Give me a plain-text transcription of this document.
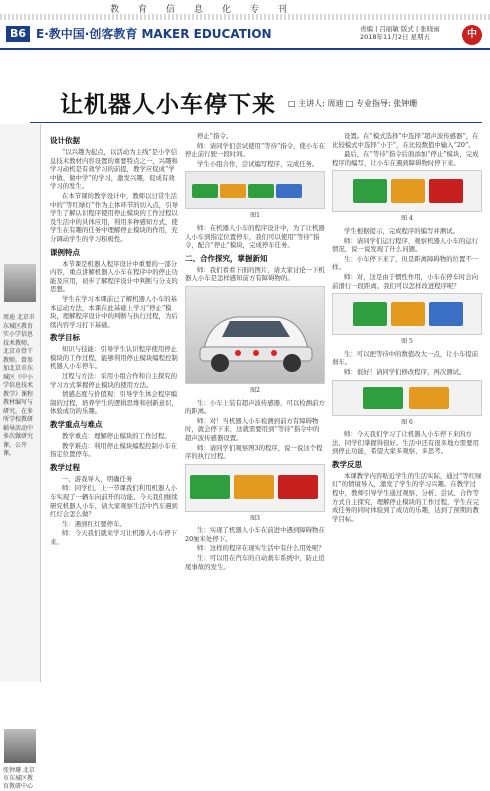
教育信息化专刊
B6 E·教中国·创客教育 MAKER EDUCATION	责编 | 吕丽敏 版式 | 张晓雨
2018年11月2日 星期五	中
让机器人小车停下来 □ 主讲人: 周迪 □ 专业指导: 张钟珊
周迪 北京市东城区教育实小学信息技术教师，北京市骨干教师。曾参加北京市东城区《中小学信息技术教学》课程教材编写与研究，在多所学校教研辅导活动中多次做研究课、公开课。
张钟珊 北京市东城区教育教研中心
设计依据

“以兴趣为起点，以活动为主线”是小学信息技术教材内容设置的重要特点之一，兴趣和学习动机是有效学习的前提，教学应促成“学中做、做中学”的学习，激发兴趣，促成有效学习的发生。

在本节课的教学设计中，教师以日常生活中的“等红绿灯”作为主体环节的切入点，引导学生了解认识程序使用停止模块的工作过程以及生活中的具体应用，利用多种感知方式，使学生在有趣的任务中理解停止模块的作用，充分调动学生的学习积极性。

课例特点

本节课是机器人程序设计中重要的一部分内容，重点讲解机器人小车在程序中的停止功能及应用，初步了解程序设计中判断与分支的思想。

学生在学习本课前已了解机器人小车的基本运动方法，本课在此基础上学习“停止”模块，理解程序设计中的判断与执行过程，为后续内容学习打下基础。

教学目标

知识与技能：引导学生认识程序使用停止模块的工作过程，能够利用停止模块编程控制机器人小车停车。

过程与方法：采用小组合作和自主探究的学习方式掌握停止模块的使用方法。

情感态度与价值观：引导学生体会程序编制的过程，培养学生的逻辑思维和创新意识，体验成功的乐趣。

教学重点与难点

教学重点：理解停止模块的工作过程。

教学难点：利用停止模块编程控制小车在指定位置停车。

教学过程

一、游戏导入，明确任务

师：同学们，上一节课我们利用机器人小车实现了一辆车向前开的功能。今天我们继续研究机器人小车，请大家观察生活中汽车遇到红灯会怎么做？

生：遇到红灯要停车。

师：今天我们就来学习让机器人小车停下来。

停止”指令。

师：请同学们尝试使用“等待”指令，使小车在停止前行驶一段时间。

学生小组合作，尝试编写程序，完成任务。

图1

师：在机器人小车的程序设计中，为了让机器人小车到指定位置停车，我们可以使用“等待”指令，配合“停止”模块，完成停车任务。

二、合作探究，掌握新知

师：我们看看下面的图片，请大家讨论一下机器人小车是怎样感知前方有障碍物的。

图2

生：小车上装有超声波传感器，可以检测前方的距离。

师：对！当机器人小车检测到前方有障碍物时，就会停下来，这就需要用到“等待”指令中的超声波传感器设置。

师：请同学们观察图3的程序，说一说这个程序的执行过程。

图3

生：实现了机器人小车在前进中遇到障碍物在20厘米处停下。

师：这样的程序在现实生活中有什么用处呢？

生：可以用在汽车的自动刹车系统中，防止追尾事故的发生。

设置。在“模式选择”中选择“超声波传感器”，在比较模式中选择“小于”，在比较数值中输入“20”。

最后，在“等待”指令后面添加“停止”模块，完成程序的编写，让小车在遇到障碍物时停下来。

图 4

学生根据提示，完成程序的编写并测试。

师：请同学们运行程序，观察机器人小车的运行情况，说一说发现了什么问题。

生：小车停下来了，但是距离障碍物的位置不一样。

师：对，这是由于惯性作用，小车在停车时会向前滑行一段距离。我们可以怎样改进程序呢？

图 5

生：可以把等待中的数值改大一点，让小车提前刹车。

师：很好！请同学们修改程序，再次测试。

图 6

师：今天我们学习了让机器人小车停下来的方法，同学们掌握得很好。生活中还有很多地方需要用到停止功能，希望大家多观察、多思考。

教学反思

本课教学内容贴近学生的生活实际，通过“等红绿灯”的情境导入，激发了学生的学习兴趣。在教学过程中，教师引导学生通过观察、分析、尝试、合作等方式自主探究，理解停止模块的工作过程，学生在完成任务的同时体验到了成功的乐趣，达到了预期的教学目标。
